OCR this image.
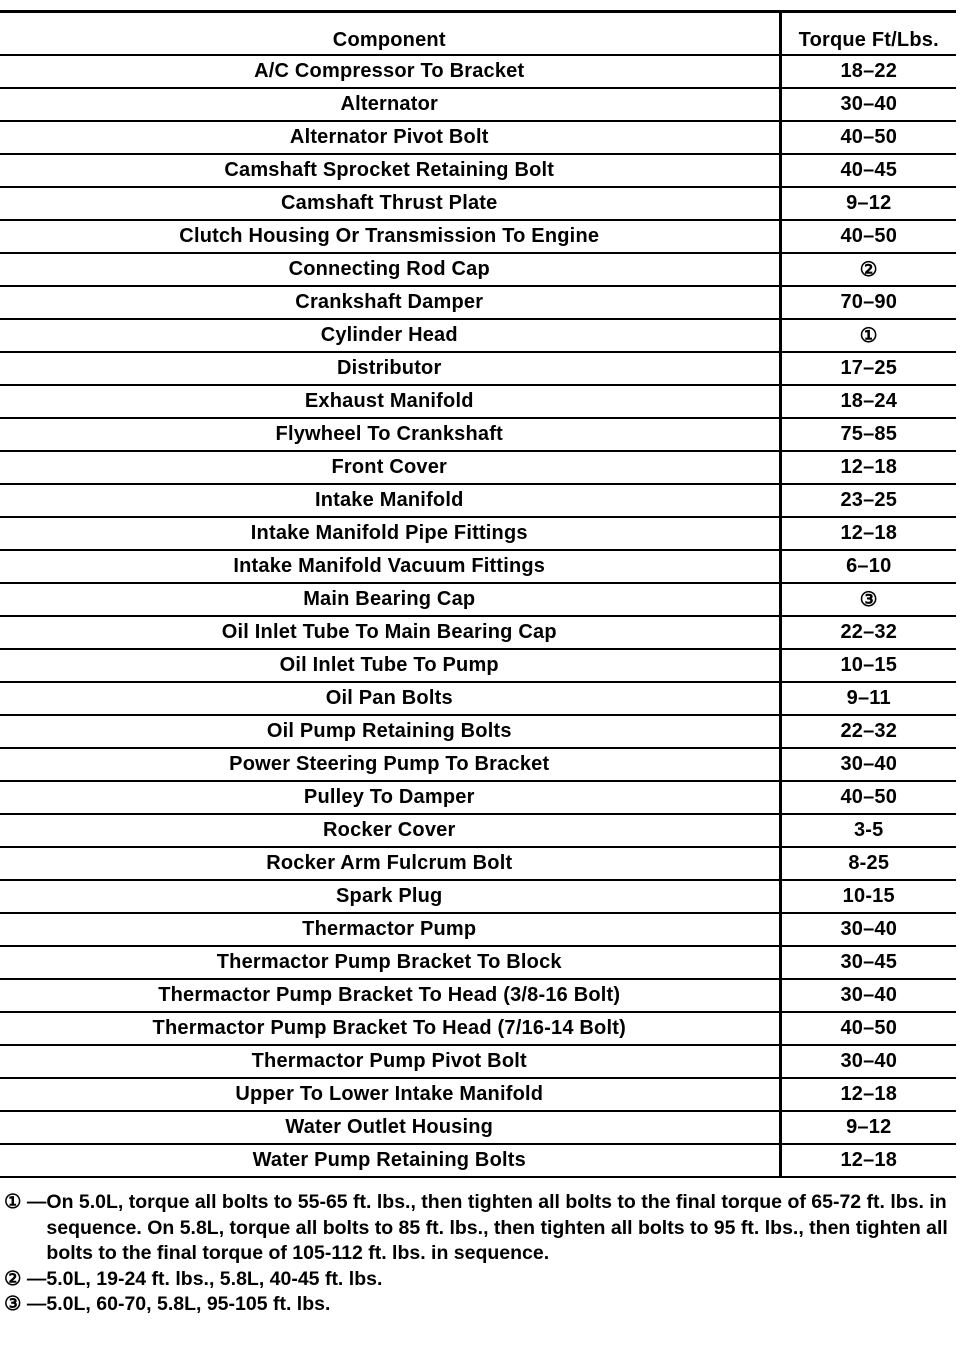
Component	Torque Ft/Lbs.
A/C Compressor To Bracket	18–22
Alternator	30–40
Alternator Pivot Bolt	40–50
Camshaft Sprocket Retaining Bolt	40–45
Camshaft Thrust Plate	9–12
Clutch Housing Or Transmission To Engine	40–50
Connecting Rod Cap	②
Crankshaft Damper	70–90
Cylinder Head	①
Distributor	17–25
Exhaust Manifold	18–24
Flywheel To Crankshaft	75–85
Front Cover	12–18
Intake Manifold	23–25
Intake Manifold Pipe Fittings	12–18
Intake Manifold Vacuum Fittings	6–10
Main Bearing Cap	③
Oil Inlet Tube To Main Bearing Cap	22–32
Oil Inlet Tube To Pump	10–15
Oil Pan Bolts	9–11
Oil Pump Retaining Bolts	22–32
Power Steering Pump To Bracket	30–40
Pulley To Damper	40–50
Rocker Cover	3-5
Rocker Arm Fulcrum Bolt	8-25
Spark Plug	10-15
Thermactor Pump	30–40
Thermactor Pump Bracket To Block	30–45
Thermactor Pump Bracket To Head (3/8-16 Bolt)	30–40
Thermactor Pump Bracket To Head (7/16-14 Bolt)	40–50
Thermactor Pump Pivot Bolt	30–40
Upper To Lower Intake Manifold	12–18
Water Outlet Housing	9–12
Water Pump Retaining Bolts	12–18
① — On 5.0L, torque all bolts to 55-65 ft. lbs., then tighten all bolts to the final torque of 65-72 ft. lbs. in sequence. On 5.8L, torque all bolts to 85 ft. lbs., then tighten all bolts to 95 ft. lbs., then tighten all bolts to the final torque of 105-112 ft. lbs. in sequence.
② — 5.0L, 19-24 ft. lbs., 5.8L, 40-45 ft. lbs.
③ — 5.0L, 60-70, 5.8L, 95-105 ft. lbs.
